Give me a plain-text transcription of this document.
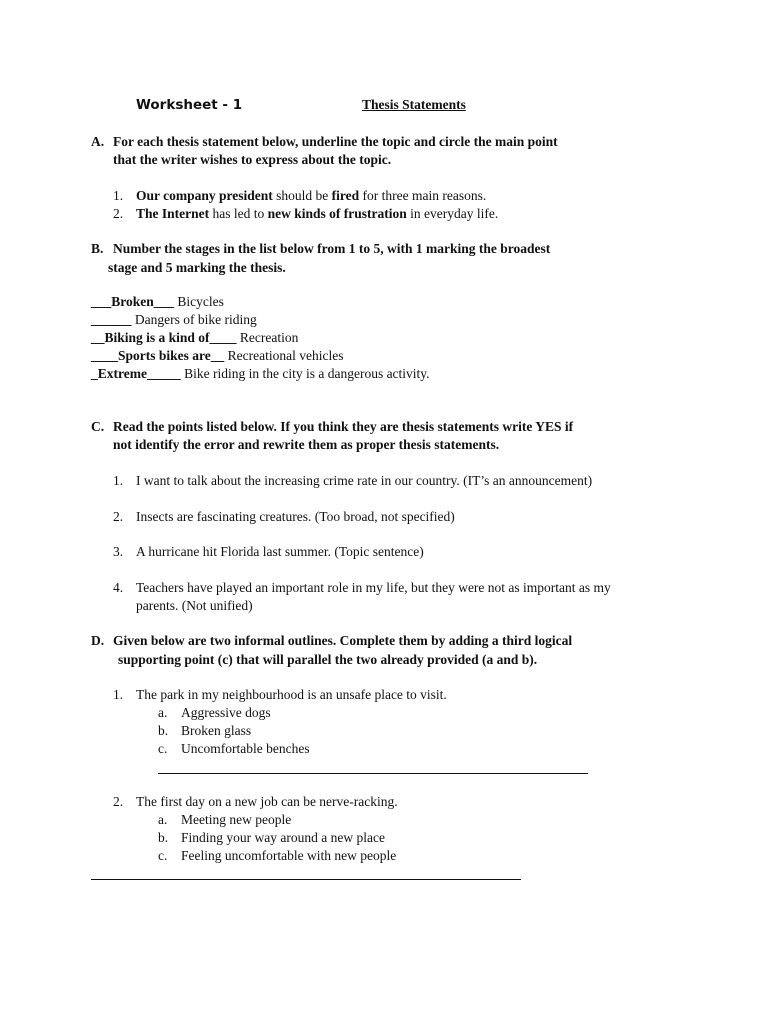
Worksheet - 1	Thesis Statements
A. For each thesis statement below, underline the topic and circle the main point
that the writer wishes to express about the topic.
1. Our company president should be fired for three main reasons.
2. The Internet has led to new kinds of frustration in everyday life.
B. Number the stages in the list below from 1 to 5, with 1 marking the broadest
stage and 5 marking the thesis.
___Broken___ Bicycles
______ Dangers of bike riding
__Biking is a kind of____ Recreation
____Sports bikes are__ Recreational vehicles
_Extreme_____ Bike riding in the city is a dangerous activity.
C. Read the points listed below. If you think they are thesis statements write YES if
not identify the error and rewrite them as proper thesis statements.
1. I want to talk about the increasing crime rate in our country. (IT’s an announcement)
2. Insects are fascinating creatures. (Too broad, not specified)
3. A hurricane hit Florida last summer. (Topic sentence)
4. Teachers have played an important role in my life, but they were not as important as my
parents. (Not unified)
D. Given below are two informal outlines. Complete them by adding a third logical
supporting point (c) that will parallel the two already provided (a and b).
1. The park in my neighbourhood is an unsafe place to visit.
a. Aggressive dogs
b. Broken glass
c. Uncomfortable benches
2. The first day on a new job can be nerve-racking.
a. Meeting new people
b. Finding your way around a new place
c. Feeling uncomfortable with new people
